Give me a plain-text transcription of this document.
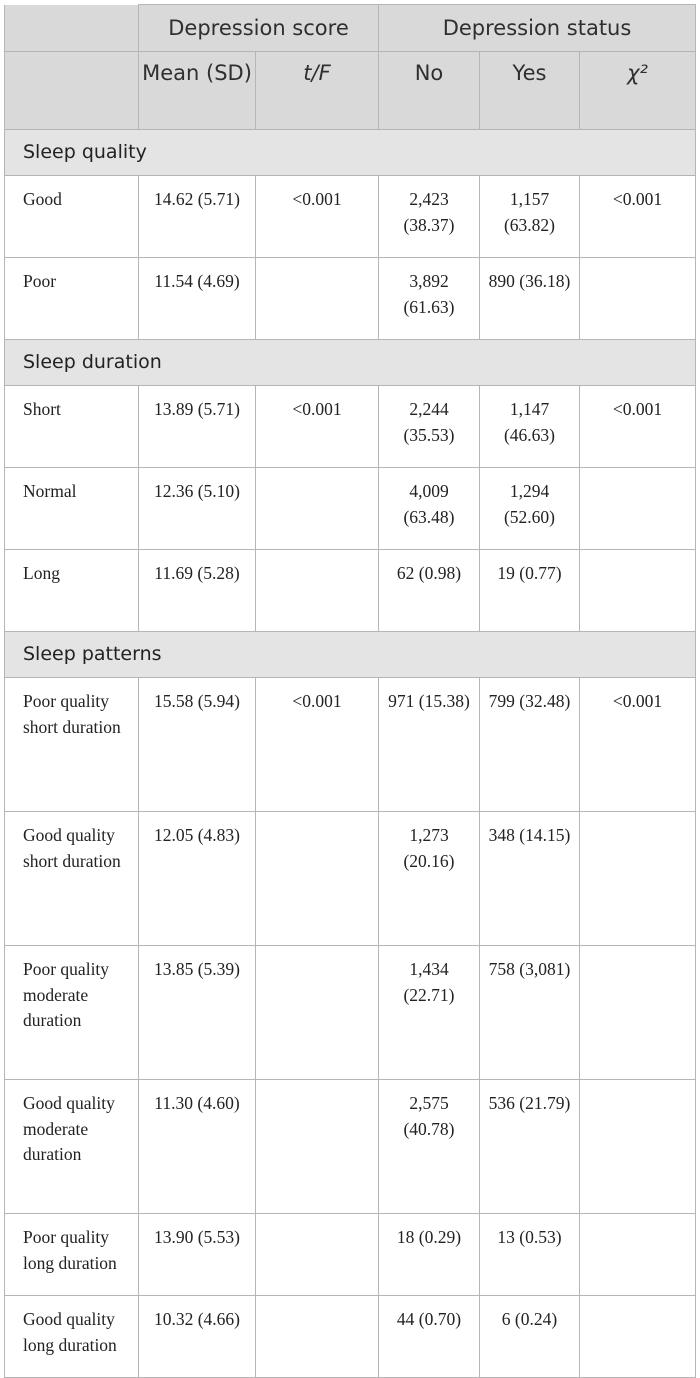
	Depression score		Depression status		
	Mean (SD)	t/F	No	Yes	χ²
Sleep quality					
Good	14.62 (5.71)	<0.001	2,423 (38.37)	1,157 (63.82)	<0.001
Poor	11.54 (4.69)		3,892 (61.63)	890 (36.18)	
Sleep duration					
Short	13.89 (5.71)	<0.001	2,244 (35.53)	1,147 (46.63)	<0.001
Normal	12.36 (5.10)		4,009 (63.48)	1,294 (52.60)	
Long	11.69 (5.28)		62 (0.98)	19 (0.77)	
Sleep patterns					
Poor quality short duration	15.58 (5.94)	<0.001	971 (15.38)	799 (32.48)	<0.001
Good quality short duration	12.05 (4.83)		1,273 (20.16)	348 (14.15)	
Poor quality moderate duration	13.85 (5.39)		1,434 (22.71)	758 (3,081)	
Good quality moderate duration	11.30 (4.60)		2,575 (40.78)	536 (21.79)	
Poor quality long duration	13.90 (5.53)		18 (0.29)	13 (0.53)	
Good quality long duration	10.32 (4.66)		44 (0.70)	6 (0.24)	
